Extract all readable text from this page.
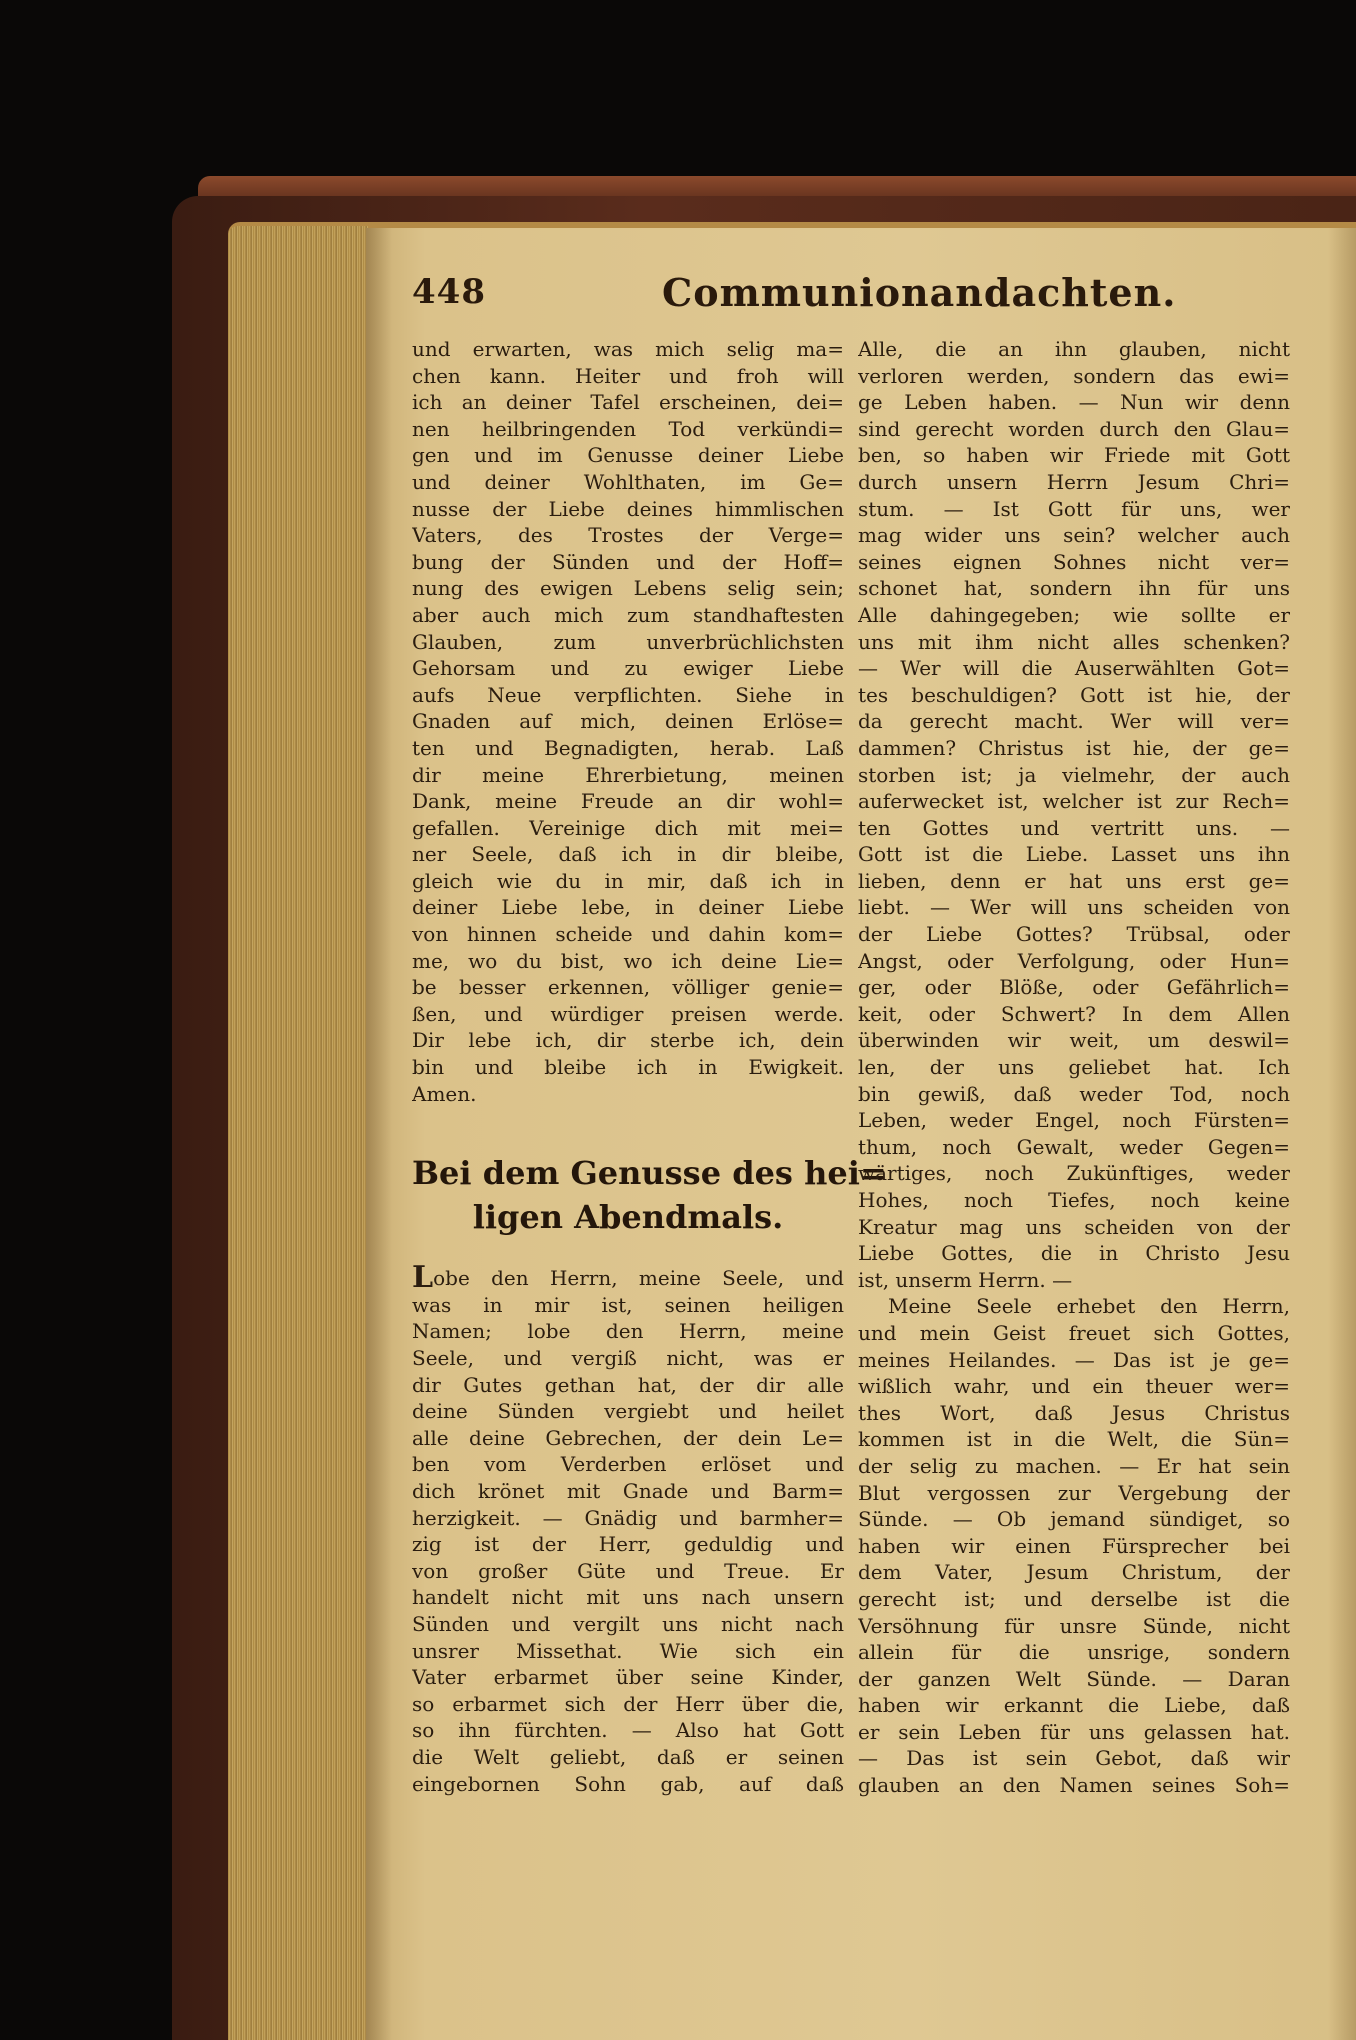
448	Communionandachten.
und erwarten, was mich selig ma=
chen kann. Heiter und froh will
ich an deiner Tafel erscheinen, dei=
nen heilbringenden Tod verkündi=
gen und im Genusse deiner Liebe
und deiner Wohlthaten, im Ge=
nusse der Liebe deines himmlischen
Vaters, des Trostes der Verge=
bung der Sünden und der Hoff=
nung des ewigen Lebens selig sein;
aber auch mich zum standhaftesten
Glauben, zum unverbrüchlichsten
Gehorsam und zu ewiger Liebe
aufs Neue verpflichten. Siehe in
Gnaden auf mich, deinen Erlöse=
ten und Begnadigten, herab. Laß
dir meine Ehrerbietung, meinen
Dank, meine Freude an dir wohl=
gefallen. Vereinige dich mit mei=
ner Seele, daß ich in dir bleibe,
gleich wie du in mir, daß ich in
deiner Liebe lebe, in deiner Liebe
von hinnen scheide und dahin kom=
me, wo du bist, wo ich deine Lie=
be besser erkennen, völliger genie=
ßen, und würdiger preisen werde.
Dir lebe ich, dir sterbe ich, dein
bin und bleibe ich in Ewigkeit.
Amen.
Bei dem Genusse des hei=
ligen Abendmals.
Lobe den Herrn, meine Seele, und
was in mir ist, seinen heiligen
Namen; lobe den Herrn, meine
Seele, und vergiß nicht, was er
dir Gutes gethan hat, der dir alle
deine Sünden vergiebt und heilet
alle deine Gebrechen, der dein Le=
ben vom Verderben erlöset und
dich krönet mit Gnade und Barm=
herzigkeit. — Gnädig und barmher=
zig ist der Herr, geduldig und
von großer Güte und Treue. Er
handelt nicht mit uns nach unsern
Sünden und vergilt uns nicht nach
unsrer Missethat. Wie sich ein
Vater erbarmet über seine Kinder,
so erbarmet sich der Herr über die,
so ihn fürchten. — Also hat Gott
die Welt geliebt, daß er seinen
eingebornen Sohn gab, auf daß
Alle, die an ihn glauben, nicht
verloren werden, sondern das ewi=
ge Leben haben. — Nun wir denn
sind gerecht worden durch den Glau=
ben, so haben wir Friede mit Gott
durch unsern Herrn Jesum Chri=
stum. — Ist Gott für uns, wer
mag wider uns sein? welcher auch
seines eignen Sohnes nicht ver=
schonet hat, sondern ihn für uns
Alle dahingegeben; wie sollte er
uns mit ihm nicht alles schenken?
— Wer will die Auserwählten Got=
tes beschuldigen? Gott ist hie, der
da gerecht macht. Wer will ver=
dammen? Christus ist hie, der ge=
storben ist; ja vielmehr, der auch
auferwecket ist, welcher ist zur Rech=
ten Gottes und vertritt uns. —
Gott ist die Liebe. Lasset uns ihn
lieben, denn er hat uns erst ge=
liebt. — Wer will uns scheiden von
der Liebe Gottes? Trübsal, oder
Angst, oder Verfolgung, oder Hun=
ger, oder Blöße, oder Gefährlich=
keit, oder Schwert? In dem Allen
überwinden wir weit, um deswil=
len, der uns geliebet hat. Ich
bin gewiß, daß weder Tod, noch
Leben, weder Engel, noch Fürsten=
thum, noch Gewalt, weder Gegen=
wärtiges, noch Zukünftiges, weder
Hohes, noch Tiefes, noch keine
Kreatur mag uns scheiden von der
Liebe Gottes, die in Christo Jesu
ist, unserm Herrn. —
Meine Seele erhebet den Herrn,
und mein Geist freuet sich Gottes,
meines Heilandes. — Das ist je ge=
wißlich wahr, und ein theuer wer=
thes Wort, daß Jesus Christus
kommen ist in die Welt, die Sün=
der selig zu machen. — Er hat sein
Blut vergossen zur Vergebung der
Sünde. — Ob jemand sündiget, so
haben wir einen Fürsprecher bei
dem Vater, Jesum Christum, der
gerecht ist; und derselbe ist die
Versöhnung für unsre Sünde, nicht
allein für die unsrige, sondern
der ganzen Welt Sünde. — Daran
haben wir erkannt die Liebe, daß
er sein Leben für uns gelassen hat.
— Das ist sein Gebot, daß wir
glauben an den Namen seines Soh=
